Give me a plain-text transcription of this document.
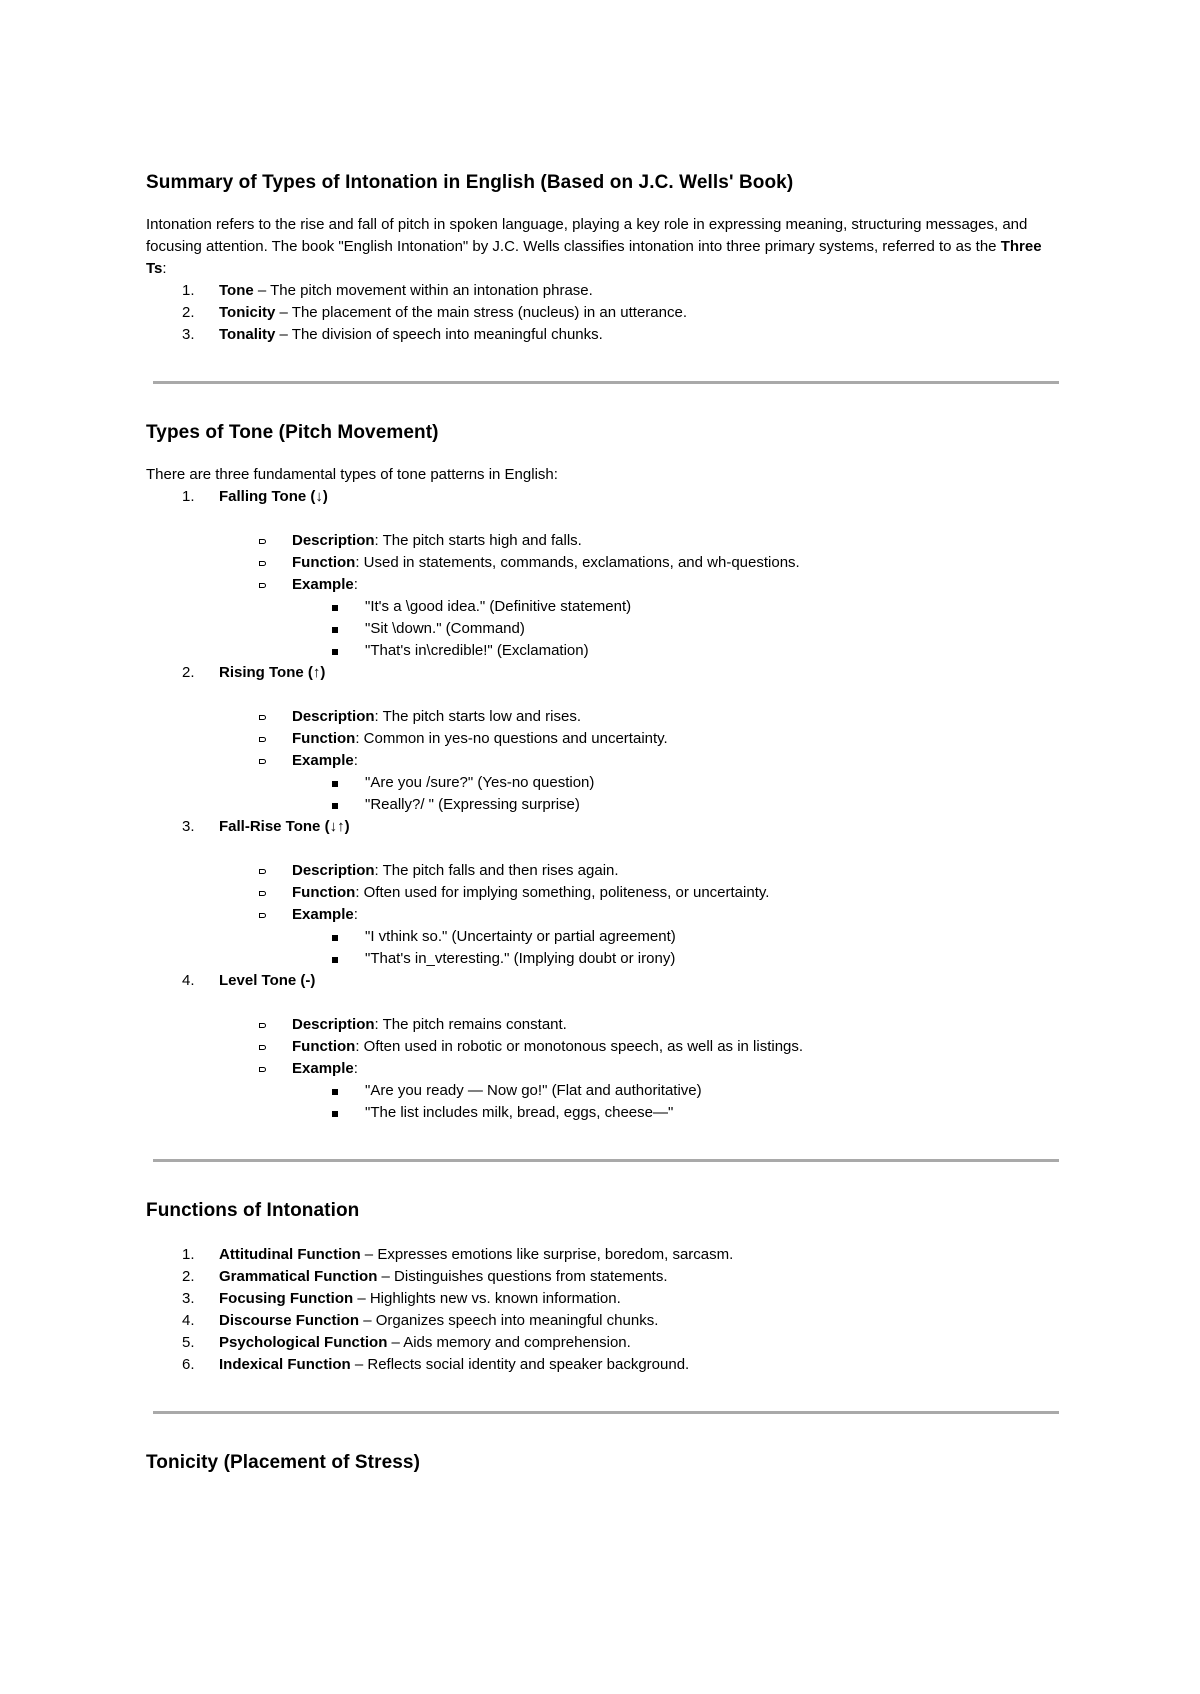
Summary of Types of Intonation in English (Based on J.C. Wells' Book)

Intonation refers to the rise and fall of pitch in spoken language, playing a key role in expressing meaning, structuring messages, and focusing attention. The book "English Intonation" by J.C. Wells classifies intonation into three primary systems, referred to as the Three Ts:

1.	Tone – The pitch movement within an intonation phrase.
2.	Tonicity – The placement of the main stress (nucleus) in an utterance.
3.	Tonality – The division of speech into meaningful chunks.
Types of Tone (Pitch Movement)

There are three fundamental types of tone patterns in English:

1.	Falling Tone (↓)
Description: The pitch starts high and falls.
Function: Used in statements, commands, exclamations, and wh-questions.
Example:
"It's a \good idea." (Definitive statement)
"Sit \down." (Command)
"That's in\credible!" (Exclamation)
2.	Rising Tone (↑)
Description: The pitch starts low and rises.
Function: Common in yes-no questions and uncertainty.
Example:
"Are you /sure?" (Yes-no question)
"Really?/ " (Expressing surprise)
3.	Fall-Rise Tone (↓↑)
Description: The pitch falls and then rises again.
Function: Often used for implying something, politeness, or uncertainty.
Example:
"I vthink so." (Uncertainty or partial agreement)
"That's in_vteresting." (Implying doubt or irony)
4.	Level Tone (-)
Description: The pitch remains constant.
Function: Often used in robotic or monotonous speech, as well as in listings.
Example:
"Are you ready — Now go!" (Flat and authoritative)
"The list includes milk, bread, eggs, cheese—"
Functions of Intonation
1.	Attitudinal Function – Expresses emotions like surprise, boredom, sarcasm.
2.	Grammatical Function – Distinguishes questions from statements.
3.	Focusing Function – Highlights new vs. known information.
4.	Discourse Function – Organizes speech into meaningful chunks.
5.	Psychological Function – Aids memory and comprehension.
6.	Indexical Function – Reflects social identity and speaker background.
Tonicity (Placement of Stress)
